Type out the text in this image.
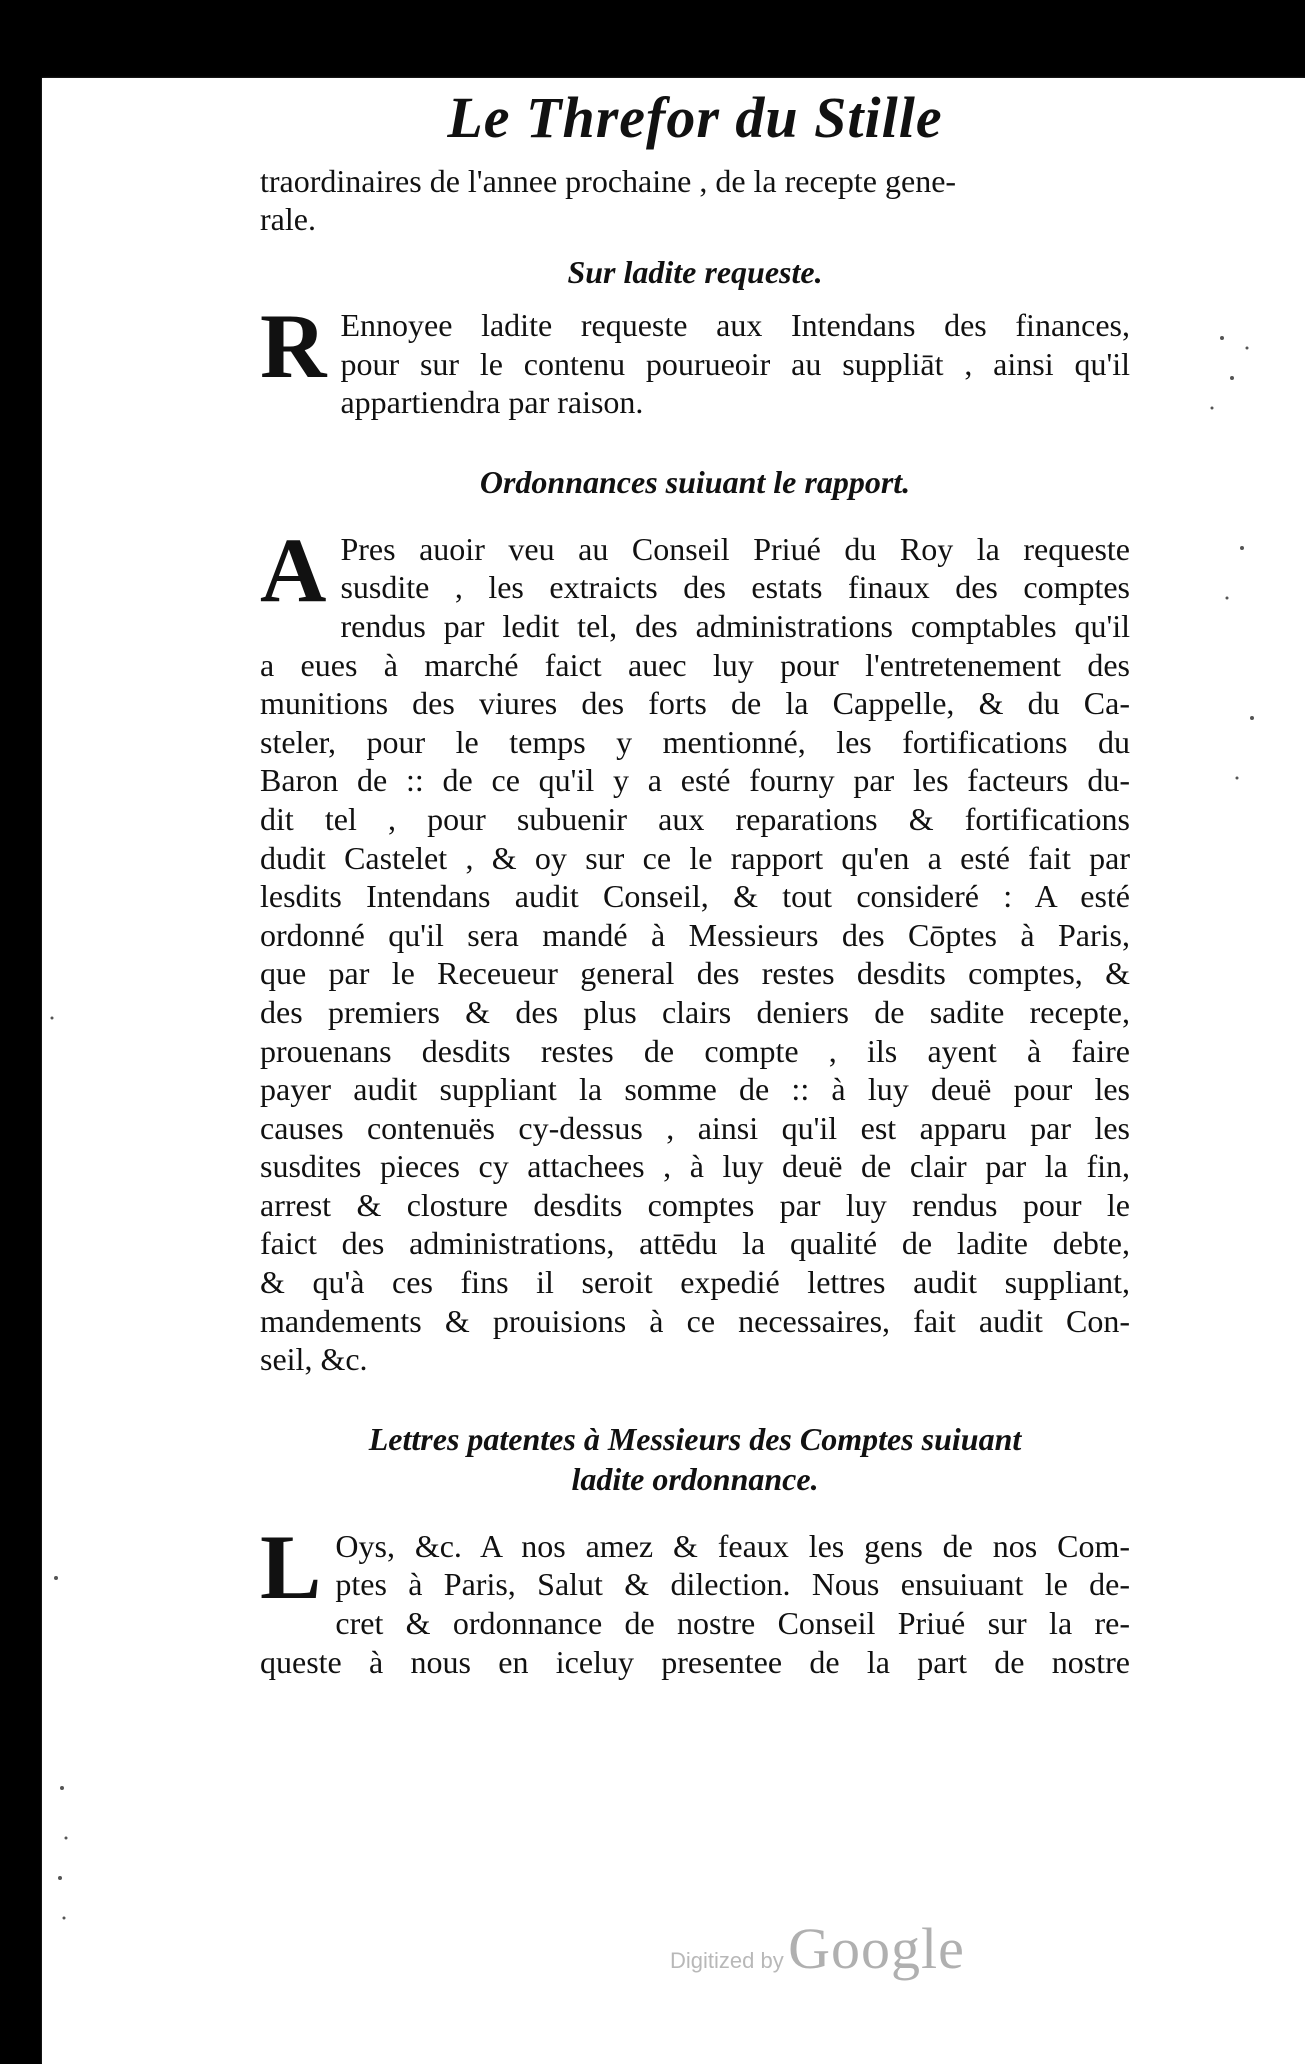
Le Threfor du Stille
traordinaires de l'annee prochaine , de la recepte gene-
rale.
Sur ladite requeste.
R Ennoyee ladite requeste aux Intendans des finances,

pour sur le contenu pourueoir au suppliāt , ainsi qu'il

appartiendra par raison.

Ordonnances suiuant le rapport.
A Pres auoir veu au Conseil Priué du Roy la requeste

susdite , les extraicts des estats finaux des comptes

rendus par ledit tel, des administrations comptables qu'il

a eues à marché faict auec luy pour l'entretenement des

munitions des viures des forts de la Cappelle, & du Ca-

steler, pour le temps y mentionné, les fortifications du

Baron de :: de ce qu'il y a esté fourny par les facteurs du-

dit tel , pour subuenir aux reparations & fortifications

dudit Castelet , & oy sur ce le rapport qu'en a esté fait par

lesdits Intendans audit Conseil, & tout consideré : A esté

ordonné qu'il sera mandé à Messieurs des Cōptes à Paris,

que par le Receueur general des restes desdits comptes, &

des premiers & des plus clairs deniers de sadite recepte,

prouenans desdits restes de compte , ils ayent à faire

payer audit suppliant la somme de :: à luy deuë pour les

causes contenuës cy-dessus , ainsi qu'il est apparu par les

susdites pieces cy attachees , à luy deuë de clair par la fin,

arrest & closture desdits comptes par luy rendus pour le

faict des administrations, attēdu la qualité de ladite debte,

& qu'à ces fins il seroit expedié lettres audit suppliant,

mandements & prouisions à ce necessaires, fait audit Con-

seil, &c.

Lettres patentes à Messieurs des Comptes suiuant
ladite ordonnance.
L Oys, &c. A nos amez & feaux les gens de nos Com-

ptes à Paris, Salut & dilection. Nous ensuiuant le de-

cret & ordonnance de nostre Conseil Priué sur la re-

queste à nous en iceluy presentee de la part de nostre

Digitized by Google
